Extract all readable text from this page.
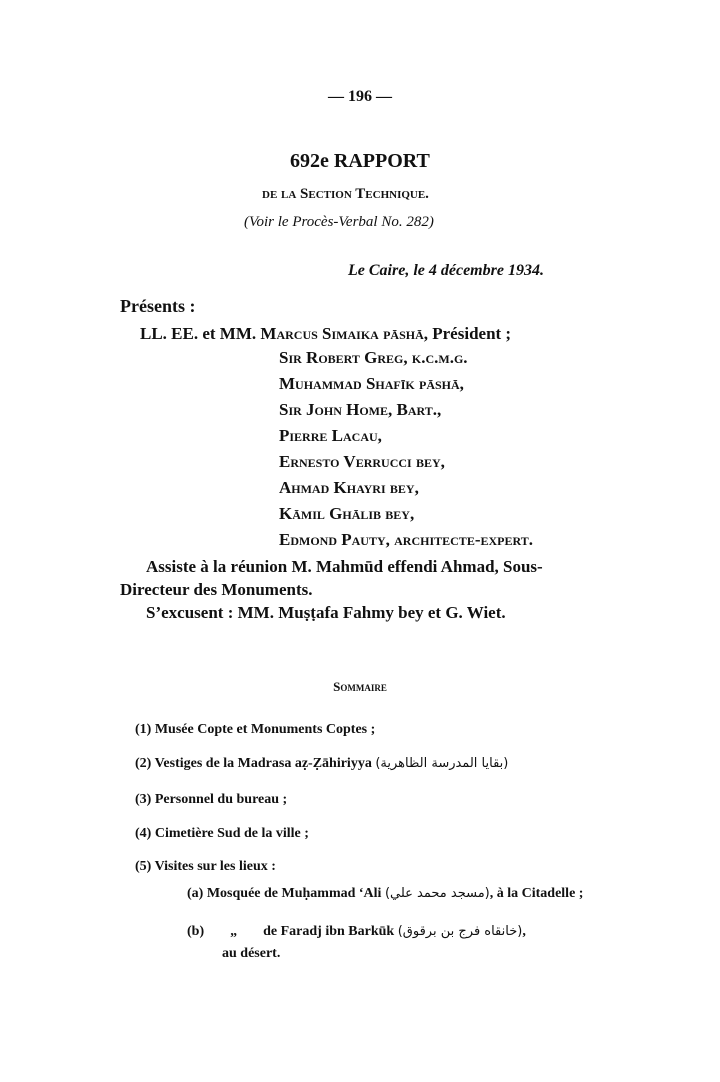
— 196 —
692e RAPPORT
de la Section Technique.
(Voir le Procès-Verbal No. 282)
Le Caire, le 4 décembre 1934.
Présents :
LL. EE. et MM. Marcus Simaika pāshā, Président ;
Sir Robert Greg, k.c.m.g.
Muhammad Shafīk pāshā,
Sir John Home, Bart.,
Pierre Lacau,
Ernesto Verrucci bey,
Ahmad Khayri bey,
Kāmil Ghālib bey,
Edmond Pauty, architecte-expert.
Assiste à la réunion M. Mahmūd effendi Ahmad, Sous-
Directeur des Monuments.
S’excusent : MM. Muṣṭafa Fahmy bey et G. Wiet.
Sommaire
(1) Musée Copte et Monuments Coptes ;
(2) Vestiges de la Madrasa aẓ-Ẓāhiriyya (بقايا المدرسة الظاهرية)
(3) Personnel du bureau ;
(4) Cimetière Sud de la ville ;
(5) Visites sur les lieux :
(a) Mosquée de Muḥammad ‘Ali (مسجد محمد علي), à la Citadelle ;
(b) „ de Faradj ibn Barkūk (خانقاه فرج بن برقوق),
au désert.
